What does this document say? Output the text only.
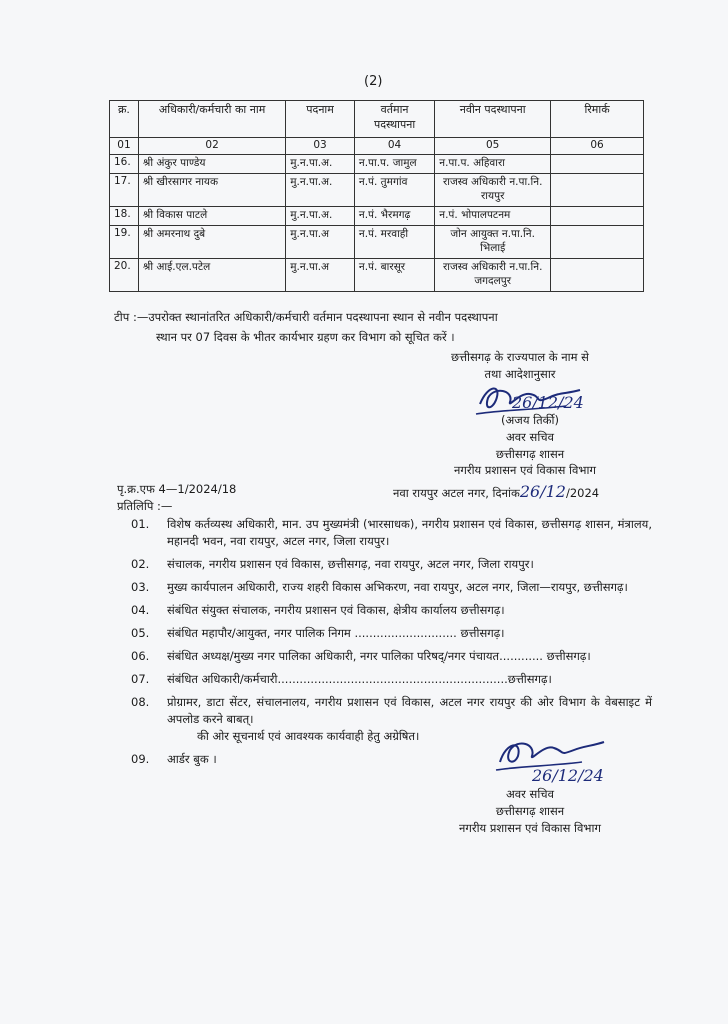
(2)
क्र.	अधिकारी/कर्मचारी का नाम	पदनाम	वर्तमान पदस्थापना	नवीन पदस्थापना	रिमार्क
01	02	03	04	05	06
16.	श्री अंकुर पाण्डेय	मु.न.पा.अ.	न.पा.प. जामुल	न.पा.प. अहिवारा	
17.	श्री खीरसागर नायक	मु.न.पा.अ.	न.पं. तुमगांव	राजस्व अधिकारी न.पा.नि. रायपुर	
18.	श्री विकास पाटले	मु.न.पा.अ.	न.पं. भैरमगढ़	न.पं. भोपालपटनम	
19.	श्री अमरनाथ दुबे	मु.न.पा.अ	न.पं. मरवाही	जोन आयुक्त न.पा.नि. भिलाई	
20.	श्री आई.एल.पटेल	मु.न.पा.अ	न.पं. बारसूर	राजस्व अधिकारी न.पा.नि. जगदलपुर	
टीप :—उपरोक्त स्थानांतरित अधिकारी/कर्मचारी वर्तमान पदस्थापना स्थान से नवीन पदस्थापना
स्थान पर 07 दिवस के भीतर कार्यभार ग्रहण कर विभाग को सूचित करें ।
छत्तीसगढ़ के राज्यपाल के नाम से
तथा आदेशानुसार
26/12/24
(अजय तिर्की)
अवर सचिव
छत्तीसगढ़ शासन
नगरीय प्रशासन एवं विकास विभाग
पृ.क्र.एफ 4—1/2024/18	नवा रायपुर अटल नगर, दिनांक26/12/2024
प्रतिलिपि :—
01.	विशेष कर्तव्यस्थ अधिकारी, मान. उप मुख्यमंत्री (भारसाधक), नगरीय प्रशासन एवं विकास, छत्तीसगढ़ शासन, मंत्रालय, महानदी भवन, नवा रायपुर, अटल नगर, जिला रायपुर।
02.	संचालक, नगरीय प्रशासन एवं विकास, छत्तीसगढ़, नवा रायपुर, अटल नगर, जिला रायपुर।
03.	मुख्य कार्यपालन अधिकारी, राज्य शहरी विकास अभिकरण, नवा रायपुर, अटल नगर, जिला—रायपुर, छत्तीसगढ़।
04.	संबंधित संयुक्त संचालक, नगरीय प्रशासन एवं विकास, क्षेत्रीय कार्यालय छत्तीसगढ़।
05.	संबंधित महापौर/आयुक्त, नगर पालिक निगम ............................ छत्तीसगढ़।
06.	संबंधित अध्यक्ष/मुख्य नगर पालिका अधिकारी, नगर पालिका परिषद्/नगर पंचायत............ छत्तीसगढ़।
07.	संबंधित अधिकारी/कर्मचारी...............................................................छत्तीसगढ़।
08.	प्रोग्रामर, डाटा सेंटर, संचालनालय, नगरीय प्रशासन एवं विकास, अटल नगर रायपुर की ओर विभाग के वेबसाइट में अपलोड करने बाबत्।
की ओर सूचनार्थ एवं आवश्यक कार्यवाही हेतु अग्रेषित।
09.	आर्डर बुक ।
26/12/24
अवर सचिव
छत्तीसगढ़ शासन
नगरीय प्रशासन एवं विकास विभाग
